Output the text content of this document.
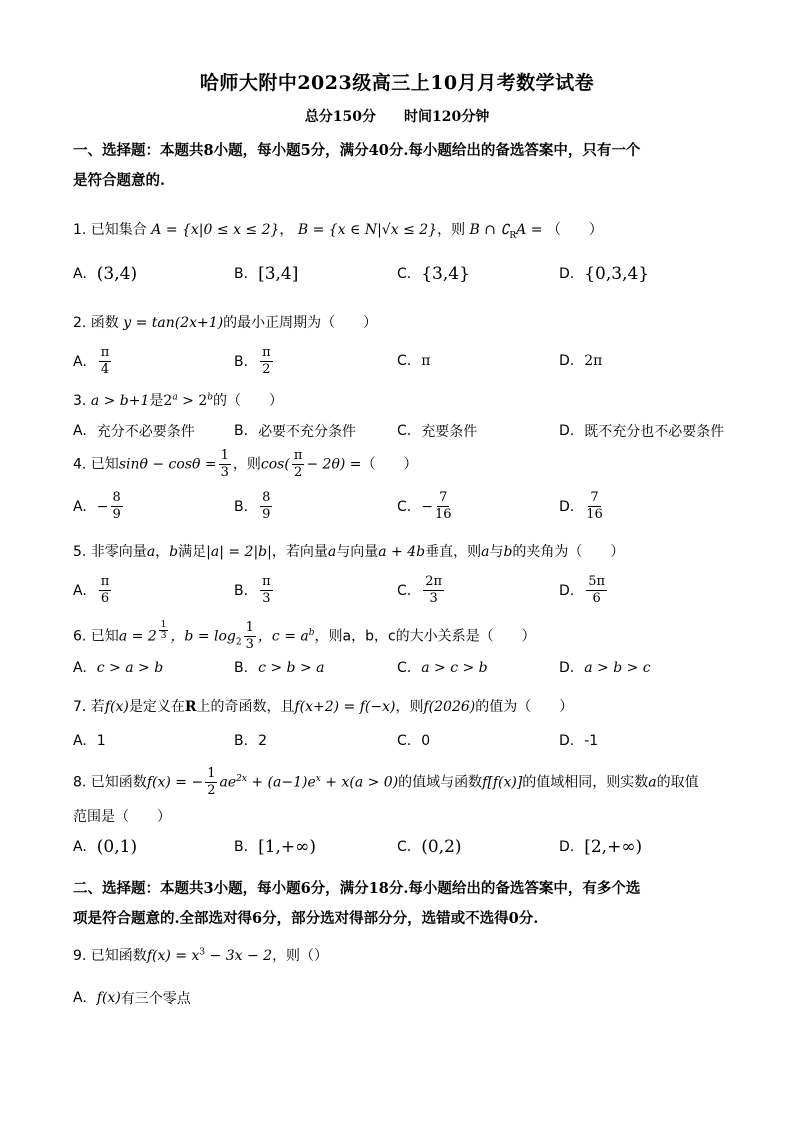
哈师大附中2023级高三上10月月考数学试卷
总分150分 时间120分钟
一、选择题：本题共8小题，每小题5分，满分40分.每小题给出的备选答案中，只有一个
是符合题意的.
1. 已知集合 A = {x|0 ≤ x ≤ 2}， B = {x ∈ N|√x ≤ 2}，则 B ∩ $∁_RA$ = （　　）
A. (3,4)	B. [3,4]	C. {3,4}	D. {0,3,4}
2. 函数 y = tan(2x+1)的最小正周期为（　　）
A. $\frac{\pi}{4}$	B. $\frac{\pi}{2}$	C. π	D. 2π
3. a > b+1是$2^a > 2^b$的（　　）
A. 充分不必要条件	B. 必要不充分条件	C. 充要条件	D. 既不充分也不必要条件
4. 已知$\sin\theta - \cos\theta = \frac{1}{3}$ ，则$\cos( \frac{\pi}{2} - 2\theta)$ =（　　）
A. − $\frac{8}{9}$	B. $\frac{8}{9}$	C. − $\frac{7}{16}$	D. $\frac{7}{16}$
5. 非零向量a，b满足|a| = 2|b|，若向量a与向量a + 4b垂直，则a与b的夹角为（　　）
A. $\frac{\pi}{6}$	B. $\frac{\pi}{3}$	C. $\frac{2\pi}{3}$	D. $\frac{5\pi}{6}$
6. 已知a = 2 $^{\frac{1}{3}}$ ，$b = \log_2 \frac{1}{3}$ ，$c = a^b$，则a，b，c的大小关系是（　　）
A. c > a > b	B. c > b > a	C. a > c > b	D. a > b > c
7. 若f(x)是定义在R上的奇函数，且f(x+2) = f(−x)，则f(2026)的值为（　　）
A. 1	B. 2	C. 0	D. -1
8. 已知函数f(x) = − $\frac{1}{2} ae^{2x} + (a-1)e^x + x(a > 0)$的值域与函数f[f(x)]的值域相同，则实数a的取值
范围是（　　）
A. (0,1)	B. [1,+∞)	C. (0,2)	D. [2,+∞)
二、选择题：本题共3小题，每小题6分，满分18分.每小题给出的备选答案中，有多个选
项是符合题意的.全部选对得6分，部分选对得部分分，选错或不选得0分.
9. 已知函数$f(x) = x^3 - 3x - 2$，则（）
A. f(x) 有三个零点
